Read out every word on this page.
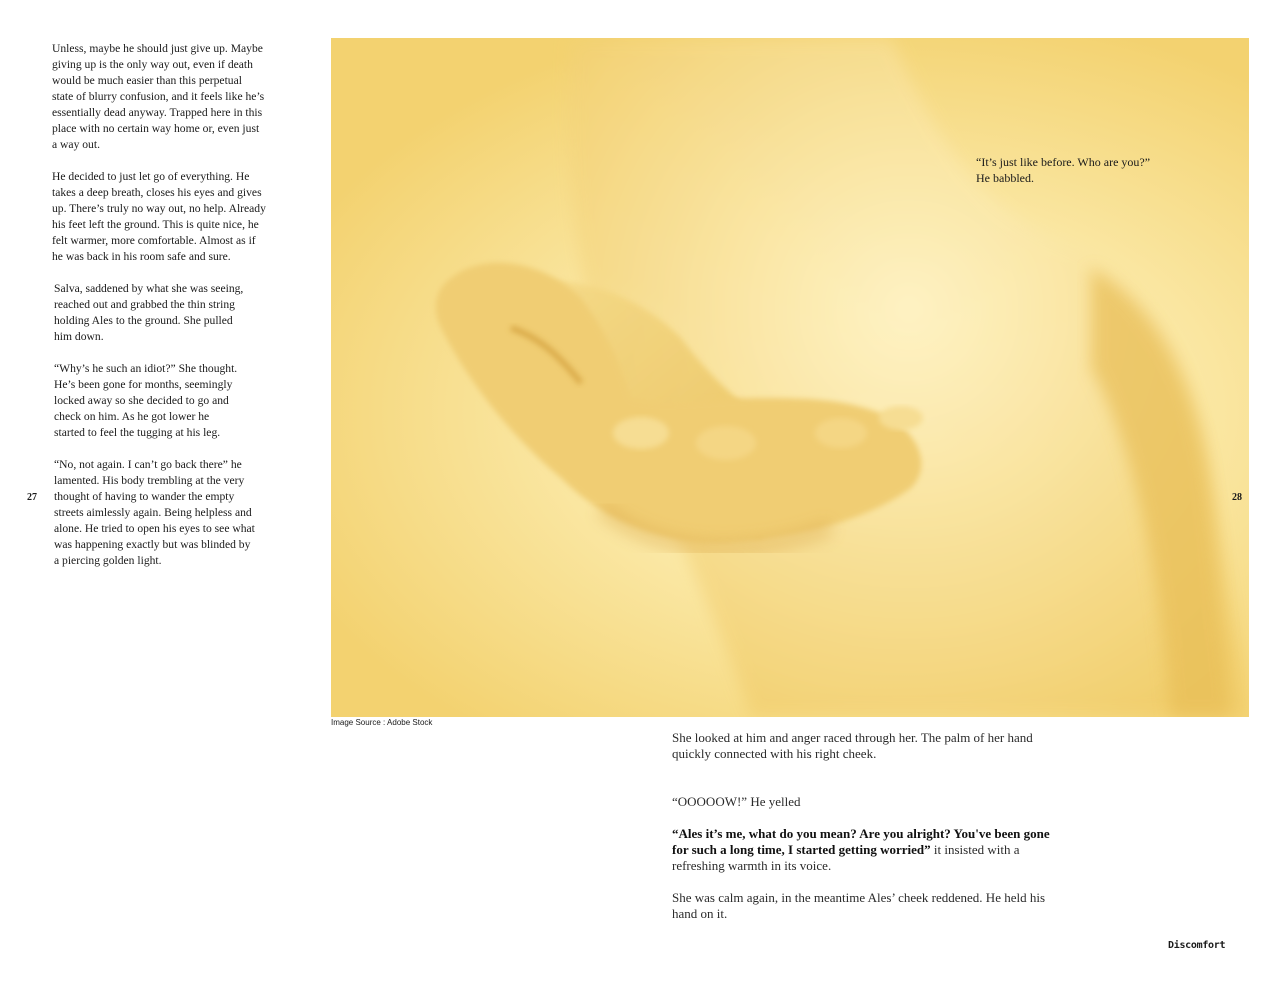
Unless, maybe he should just give up. Maybe
giving up is the only way out, even if death
would be much easier than this perpetual
state of blurry confusion, and it feels like he’s
essentially dead anyway. Trapped here in this
place with no certain way home or, even just
a way out.

He decided to just let go of everything. He
takes a deep breath, closes his eyes and gives
up. There’s truly no way out, no help. Already
his feet left the ground. This is quite nice, he
felt warmer, more comfortable. Almost as if
he was back in his room safe and sure.

Salva, saddened by what she was seeing,
reached out and grabbed the thin string
holding Ales to the ground. She pulled
him down.

“Why’s he such an idiot?” She thought.
He’s been gone for months, seemingly
locked away so she decided to go and
check on him. As he got lower he
started to feel the tugging at his leg.

“No, not again. I can’t go back there” he
lamented. His body trembling at the very
thought of having to wander the empty
streets aimlessly again. Being helpless and
alone. He tried to open his eyes to see what
was happening exactly but was blinded by
a piercing golden light.

27
“It’s just like before. Who are you?”
He babbled.
Image Source : Adobe Stock
28

She looked at him and anger raced through her. The palm of her hand quickly connected with his right cheek.

“OOOOOW!” He yelled

“Ales it’s me, what do you mean? Are you alright? You've been gone for such a long time, I started getting worried” it insisted with a refreshing warmth in its voice.

She was calm again, in the meantime Ales’ cheek reddened. He held his hand on it.

Discomfort
